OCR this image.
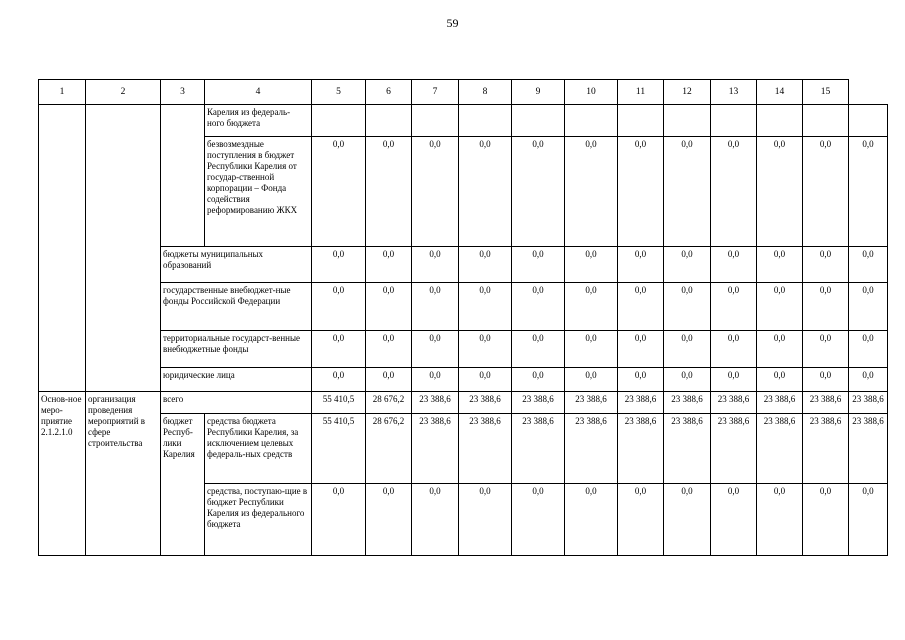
59
1	2	3	4	5	6	7	8	9	10	11	12	13	14	15	
			Карелия из федераль- ного бюджета												
			безвозмездные поступления в бюджет Республики Карелия от государ-ственной корпорации – Фонда содействия реформированию ЖКХ	0,0	0,0	0,0	0,0	0,0	0,0	0,0	0,0	0,0	0,0	0,0	0,0
		бюджеты муниципальных образований		0,0	0,0	0,0	0,0	0,0	0,0	0,0	0,0	0,0	0,0	0,0	0,0
		государственные внебюджет-ные фонды Российской Федерации		0,0	0,0	0,0	0,0	0,0	0,0	0,0	0,0	0,0	0,0	0,0	0,0
		территориальные государст-венные внебюджетные фонды		0,0	0,0	0,0	0,0	0,0	0,0	0,0	0,0	0,0	0,0	0,0	0,0
		юридические лица		0,0	0,0	0,0	0,0	0,0	0,0	0,0	0,0	0,0	0,0	0,0	0,0
Основ-ное меро-приятие 2.1.2.1.0	организация проведения мероприятий в сфере строительства	всего		55 410,5	28 676,2	23 388,6	23 388,6	23 388,6	23 388,6	23 388,6	23 388,6	23 388,6	23 388,6	23 388,6	23 388,6
		бюджет Респуб-лики Карелия	средства бюджета Республики Карелия, за исключением целевых федераль-ных средств	55 410,5	28 676,2	23 388,6	23 388,6	23 388,6	23 388,6	23 388,6	23 388,6	23 388,6	23 388,6	23 388,6	23 388,6
			средства, поступаю-щие в бюджет Республики Карелия из федерального бюджета	0,0	0,0	0,0	0,0	0,0	0,0	0,0	0,0	0,0	0,0	0,0	0,0
